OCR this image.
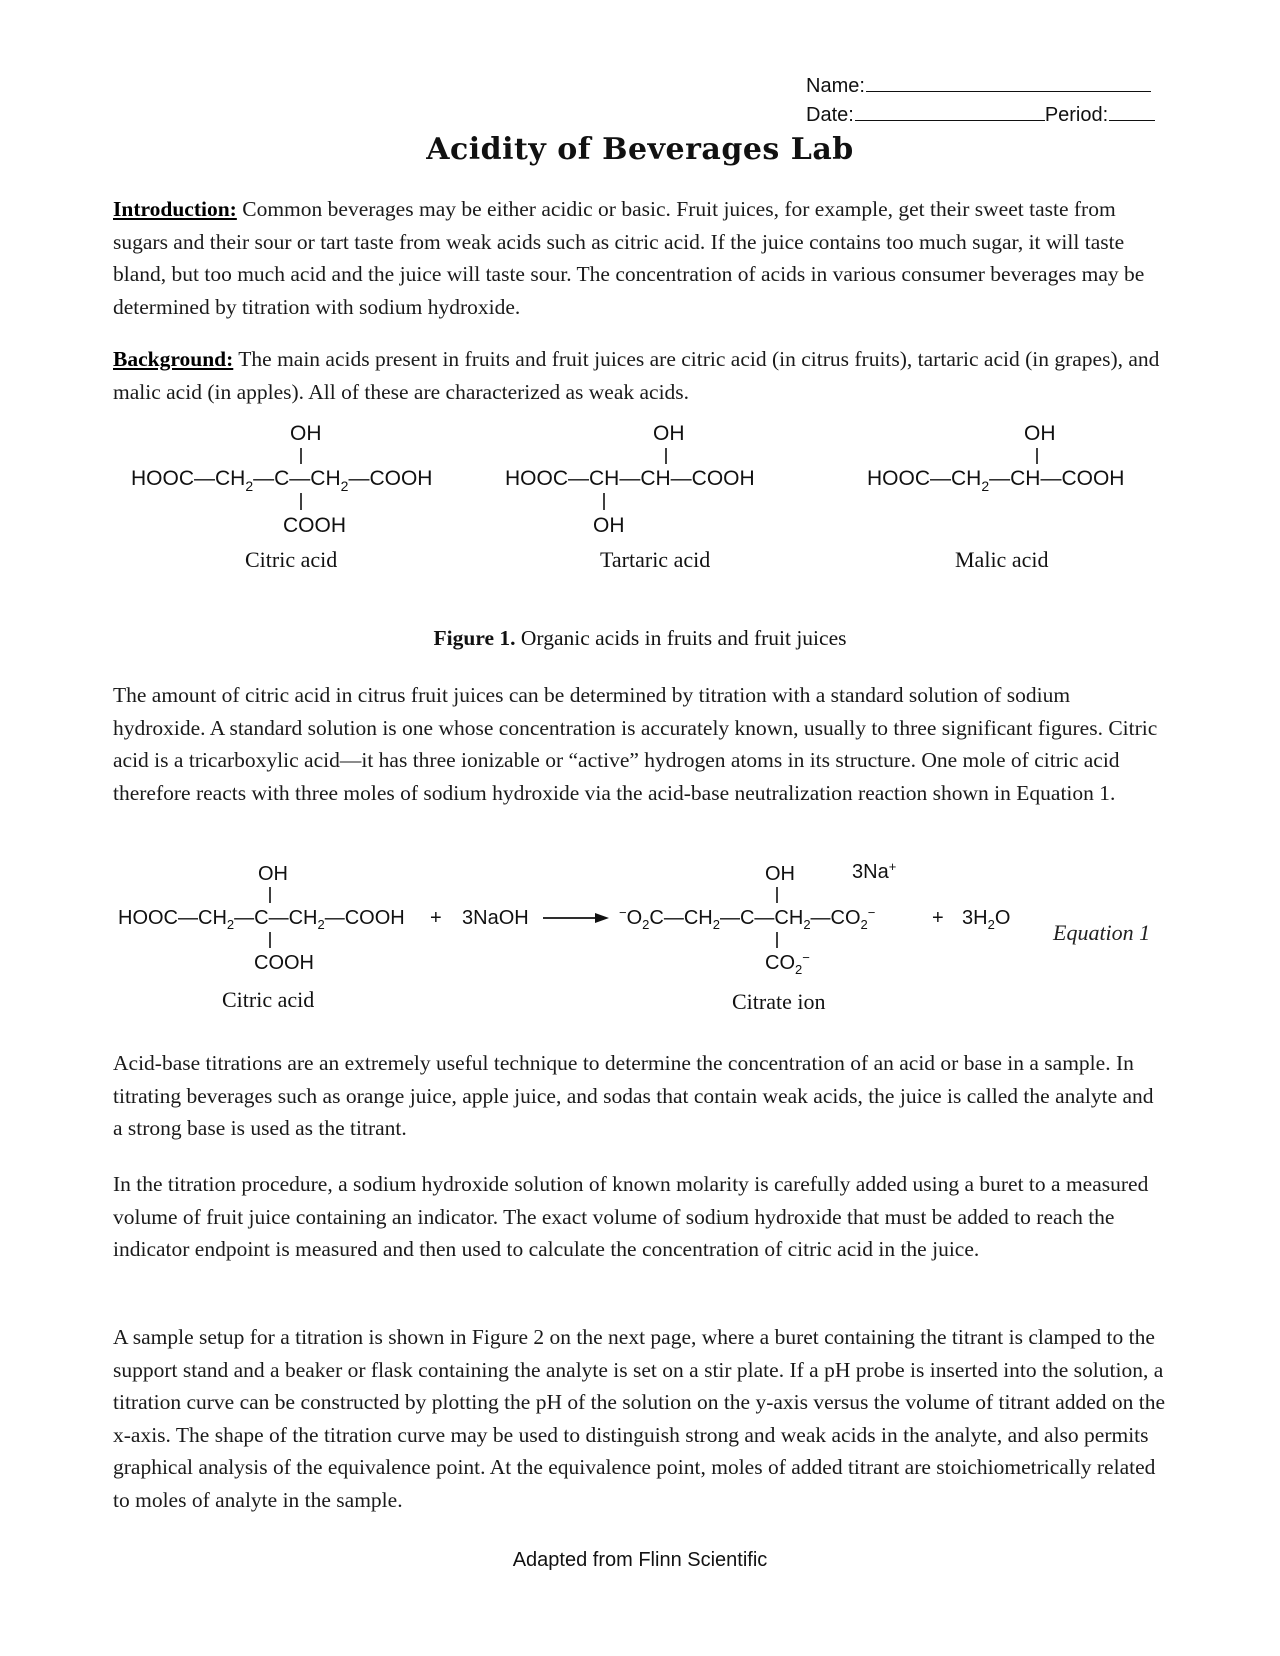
Name:
Date:	Period:
Acidity of Beverages Lab
Introduction: Common beverages may be either acidic or basic. Fruit juices, for example, get their sweet taste from sugars and their sour or tart taste from weak acids such as citric acid. If the juice contains too much sugar, it will taste bland, but too much acid and the juice will taste sour. The concentration of acids in various consumer beverages may be determined by titration with sodium hydroxide.
Background: The main acids present in fruits and fruit juices are citric acid (in citrus fruits), tartaric acid (in grapes), and malic acid (in apples). All of these are characterized as weak acids.
OH
$HOOC—CH_2—C—CH_2—COOH$
COOH
Citric acid
OH
HOOC—CH—CH—COOH
OH
Tartaric acid
OH
$HOOC—CH_2—CH—COOH$
Malic acid
Figure 1. Organic acids in fruits and fruit juices
The amount of citric acid in citrus fruit juices can be determined by titration with a standard solution of sodium hydroxide. A standard solution is one whose concentration is accurately known, usually to three significant figures. Citric acid is a tricarboxylic acid—it has three ionizable or “active” hydrogen atoms in its structure. One mole of citric acid therefore reacts with three moles of sodium hydroxide via the acid-base neutralization reaction shown in Equation 1.
OH
$HOOC—CH_2—C—CH_2—COOH$
COOH
Citric acid
+ 3NaOH
OH	3Na+
$^-O_2C—CH_2—C—CH_2—CO_2^-$
$CO_2^-$
Citrate ion
+ $3H_2O$
Equation 1
Acid-base titrations are an extremely useful technique to determine the concentration of an acid or base in a sample. In titrating beverages such as orange juice, apple juice, and sodas that contain weak acids, the juice is called the analyte and a strong base is used as the titrant.
In the titration procedure, a sodium hydroxide solution of known molarity is carefully added using a buret to a measured volume of fruit juice containing an indicator. The exact volume of sodium hydroxide that must be added to reach the indicator endpoint is measured and then used to calculate the concentration of citric acid in the juice.
A sample setup for a titration is shown in Figure 2 on the next page, where a buret containing the titrant is clamped to the support stand and a beaker or flask containing the analyte is set on a stir plate. If a pH probe is inserted into the solution, a titration curve can be constructed by plotting the pH of the solution on the y-axis versus the volume of titrant added on the x-axis. The shape of the titration curve may be used to distinguish strong and weak acids in the analyte, and also permits graphical analysis of the equivalence point. At the equivalence point, moles of added titrant are stoichiometrically related to moles of analyte in the sample.
Adapted from Flinn Scientific
